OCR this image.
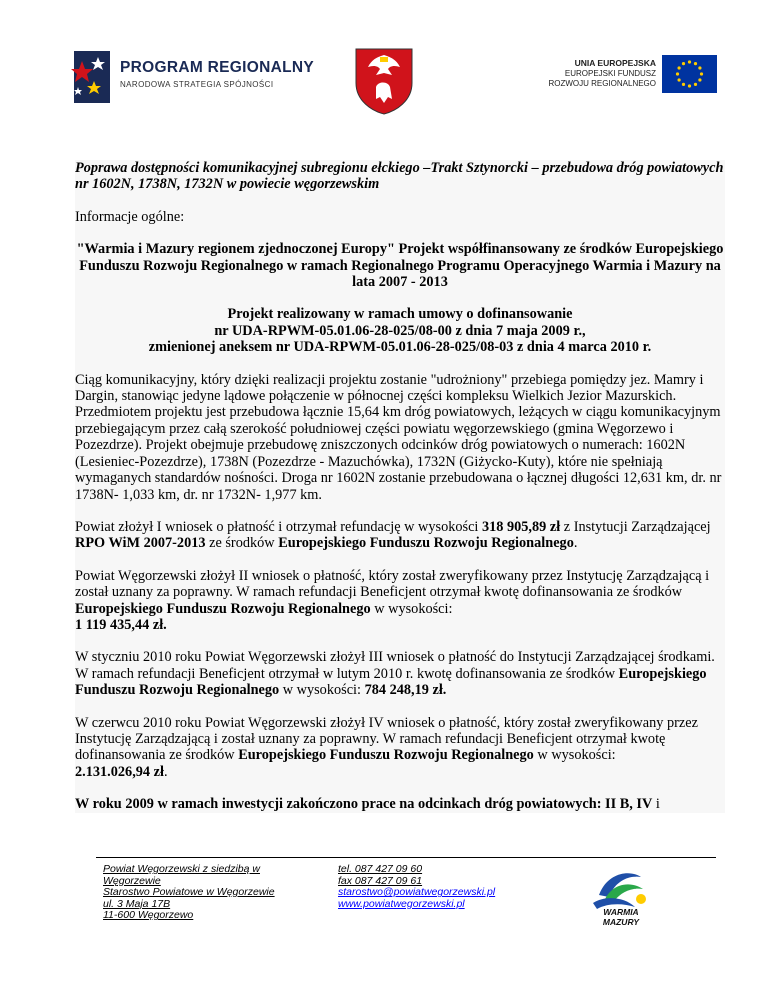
PROGRAM REGIONALNY
NARODOWA STRATEGIA SPÓJNOŚCI
UNIA EUROPEJSKA
EUROPEJSKI FUNDUSZ
ROZWOJU REGIONALNEGO

Poprawa dostępności komunikacyjnej subregionu ełckiego –Trakt Sztynorcki – przebudowa dróg powiatowych nr 1602N, 1738N, 1732N w powiecie węgorzewskim

Informacje ogólne:

"Warmia i Mazury regionem zjednoczonej Europy" Projekt współfinansowany ze środków Europejskiego Funduszu Rozwoju Regionalnego w ramach Regionalnego Programu Operacyjnego Warmia i Mazury na lata 2007 - 2013

Projekt realizowany w ramach umowy o dofinansowanie
nr UDA-RPWM-05.01.06-28-025/08-00 z dnia 7 maja 2009 r.,
zmienionej aneksem nr UDA-RPWM-05.01.06-28-025/08-03 z dnia 4 marca 2010 r.

Ciąg komunikacyjny, który dzięki realizacji projektu zostanie "udrożniony" przebiega pomiędzy jez. Mamry i Dargin, stanowiąc jedyne lądowe połączenie w północnej części kompleksu Wielkich Jezior Mazurskich. Przedmiotem projektu jest przebudowa łącznie 15,64 km dróg powiatowych, leżących w ciągu komunikacyjnym przebiegającym przez całą szerokość południowej części powiatu węgorzewskiego (gmina Węgorzewo i Pozezdrze). Projekt obejmuje przebudowę zniszczonych odcinków dróg powiatowych o numerach: 1602N (Lesieniec-Pozezdrze), 1738N (Pozezdrze - Mazuchówka), 1732N (Giżycko-Kuty), które nie spełniają wymaganych standardów nośności. Droga nr 1602N zostanie przebudowana o łącznej długości 12,631 km, dr. nr 1738N- 1,033 km, dr. nr 1732N- 1,977 km.

Powiat złożył I wniosek o płatność i otrzymał refundację w wysokości 318 905,89 zł z Instytucji Zarządzającej RPO WiM 2007-2013 ze środków Europejskiego Funduszu Rozwoju Regionalnego.

Powiat Węgorzewski złożył II wniosek o płatność, który został zweryfikowany przez Instytucję Zarządzającą i został uznany za poprawny. W ramach refundacji Beneficjent otrzymał kwotę dofinansowania ze środków Europejskiego Funduszu Rozwoju Regionalnego w wysokości:
1 119 435,44 zł.

W styczniu 2010 roku Powiat Węgorzewski złożył III wniosek o płatność do Instytucji Zarządzającej środkami. W ramach refundacji Beneficjent otrzymał w lutym 2010 r. kwotę dofinansowania ze środków Europejskiego Funduszu Rozwoju Regionalnego w wysokości: 784 248,19 zł.

W czerwcu 2010 roku Powiat Węgorzewski złożył IV wniosek o płatność, który został zweryfikowany przez Instytucję Zarządzającą i został uznany za poprawny. W ramach refundacji Beneficjent otrzymał kwotę dofinansowania ze środków Europejskiego Funduszu Rozwoju Regionalnego w wysokości:
2.131.026,94 zł.

W roku 2009 w ramach inwestycji zakończono prace na odcinkach dróg powiatowych: II B, IV i

Powiat Węgorzewski z siedzibą w Węgorzewie
Starostwo Powiatowe w Węgorzewie
ul. 3 Maja 17B
11-600 Węgorzewo
tel. 087 427 09 60
fax 087 427 09 61
starostwo@powiatwegorzewski.pl
www.powiatwegorzewski.pl
WARMIA
MAZURY
